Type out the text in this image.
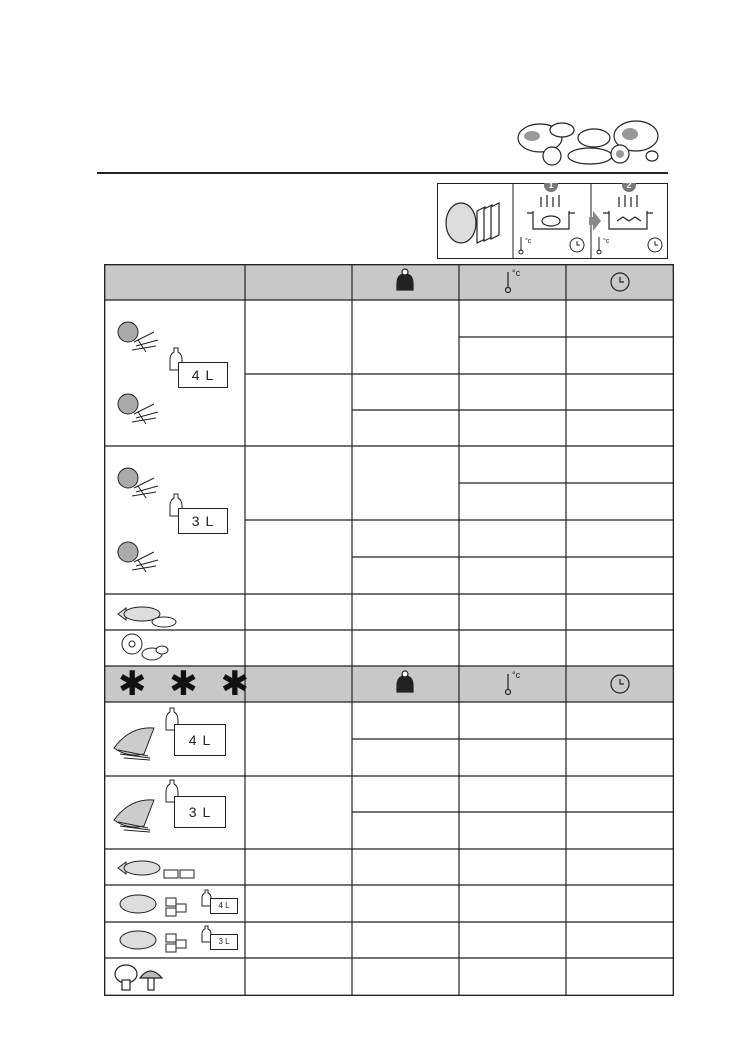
1	2
°c	°c
°c
°c
4 L
3 L
4 L
3 L
4 L
3 L
✱ ✱ ✱
